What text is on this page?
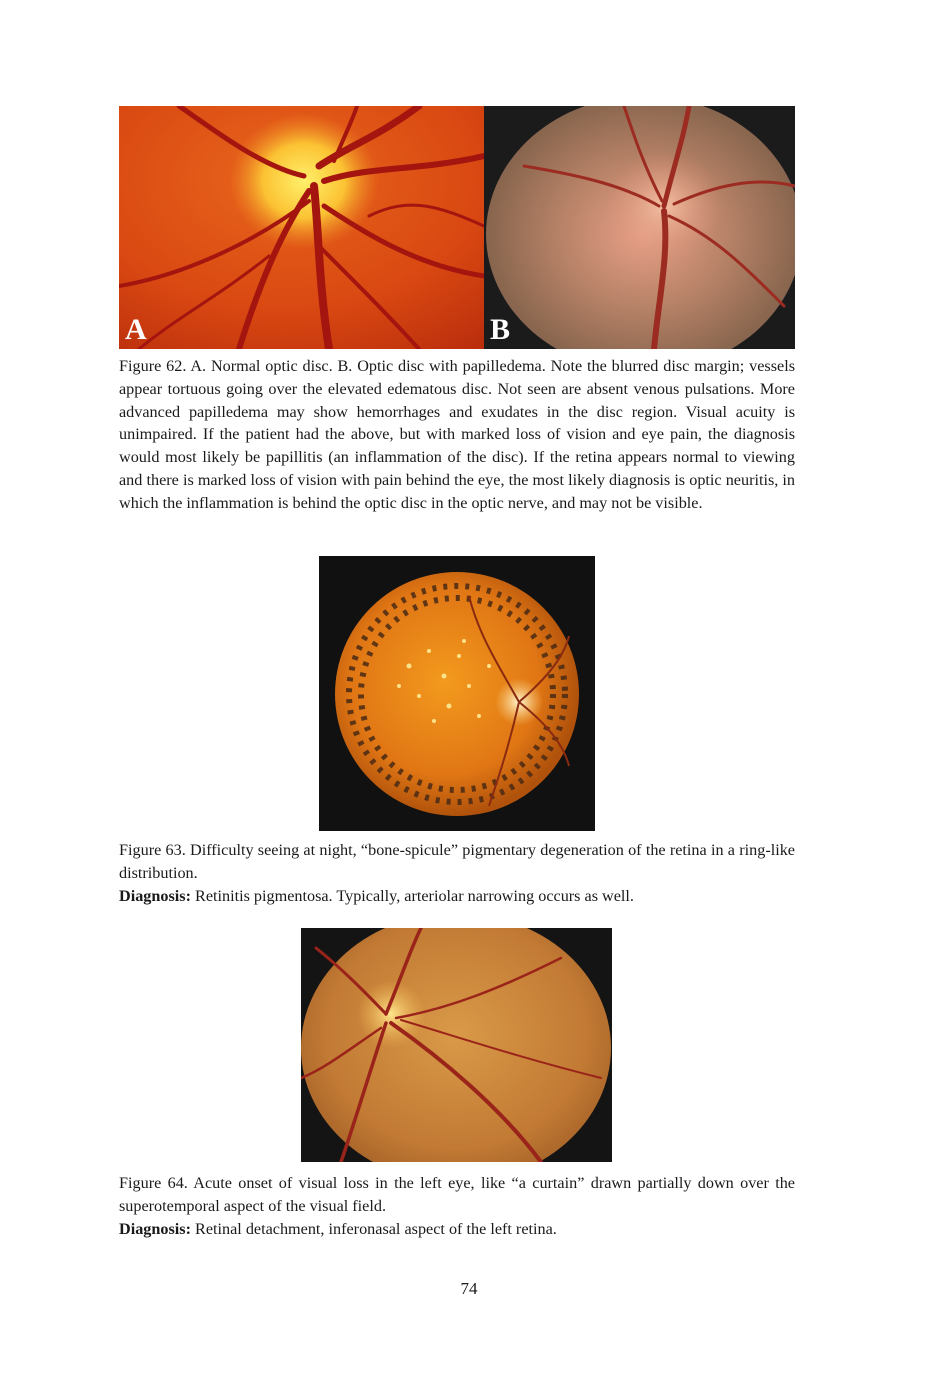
A	B

Figure 62. A. Normal optic disc. B. Optic disc with papilledema. Note the blurred disc margin; vessels appear tortuous going over the elevated edematous disc. Not seen are absent venous pulsations. More advanced papilledema may show hemorrhages and exudates in the disc region. Visual acuity is unimpaired. If the patient had the above, but with marked loss of vision and eye pain, the diagnosis would most likely be papillitis (an inflammation of the disc). If the retina appears normal to viewing and there is marked loss of vision with pain behind the eye, the most likely diagnosis is optic neuritis, in which the inflammation is behind the optic disc in the optic nerve, and may not be visible.

Figure 63. Difficulty seeing at night, “bone-spicule” pigmentary degeneration of the retina in a ring-like distribution.

Diagnosis: Retinitis pigmentosa. Typically, arteriolar narrowing occurs as well.

Figure 64. Acute onset of visual loss in the left eye, like “a curtain” drawn partially down over the superotemporal aspect of the visual field.

Diagnosis: Retinal detachment, inferonasal aspect of the left retina.

74
